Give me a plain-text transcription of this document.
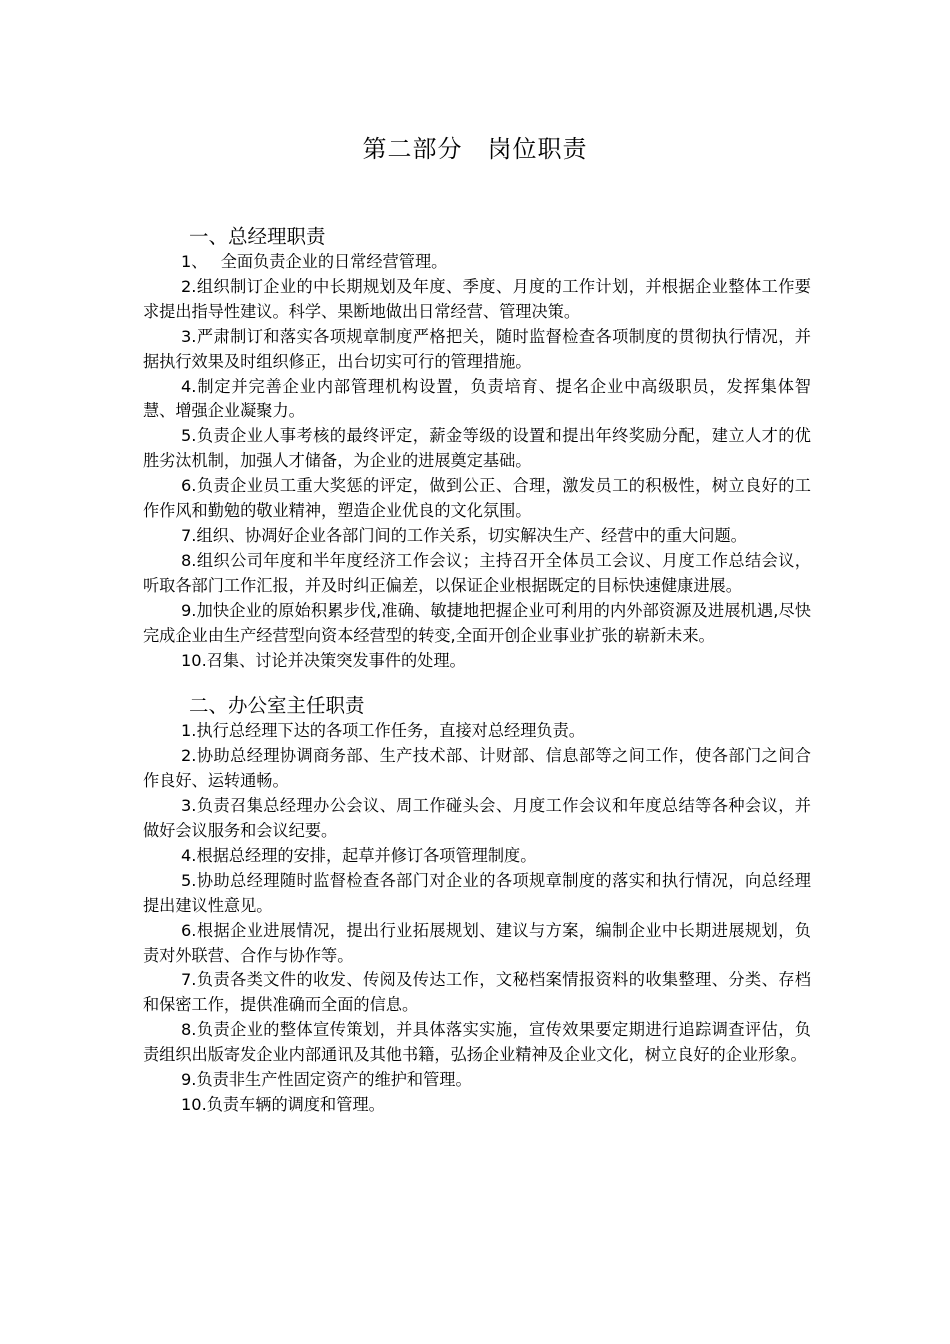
第二部分　岗位职责
一、总经理职责

1、　 全面负责企业的日常经营管理。

2.组织制订企业的中长期规划及年度、季度、月度的工作计划，并根据企业整体工作要求提出指导性建议。科学、果断地做出日常经营、管理决策。

3.严肃制订和落实各项规章制度严格把关，随时监督检查各项制度的贯彻执行情况，并据执行效果及时组织修正，出台切实可行的管理措施。

4.制定并完善企业内部管理机构设置，负责培育、提名企业中高级职员，发挥集体智慧、增强企业凝聚力。

5.负责企业人事考核的最终评定，薪金等级的设置和提出年终奖励分配，建立人才的优胜劣汰机制，加强人才储备，为企业的进展奠定基础。

6.负责企业员工重大奖惩的评定，做到公正、合理，激发员工的积极性，树立良好的工作作风和勤勉的敬业精神，塑造企业优良的文化氛围。

7.组织、协凋好企业各部门间的工作关系，切实解决生产、经营中的重大问题。

8.组织公司年度和半年度经济工作会议；主持召开全体员工会议、月度工作总结会议，听取各部门工作汇报，并及时纠正偏差，以保证企业根据既定的目标快速健康进展。

9.加快企业的原始积累步伐,准确、敏捷地把握企业可利用的内外部资源及进展机遇,尽快完成企业由生产经营型向资本经营型的转变,全面开创企业事业扩张的崭新未来。

10.召集、讨论并决策突发事件的处理。

二、办公室主任职责

1.执行总经理下达的各项工作任务，直接对总经理负责。

2.协助总经理协调商务部、生产技术部、计财部、信息部等之间工作，使各部门之间合作良好、运转通畅。

3.负责召集总经理办公会议、周工作碰头会、月度工作会议和年度总结等各种会议，并做好会议服务和会议纪要。

4.根据总经理的安排，起草并修订各项管理制度。

5.协助总经理随时监督检查各部门对企业的各项规章制度的落实和执行情况，向总经理提出建议性意见。

6.根据企业进展情况，提出行业拓展规划、建议与方案，编制企业中长期进展规划，负责对外联营、合作与协作等。

7.负责各类文件的收发、传阅及传达工作，文秘档案情报资料的收集整理、分类、存档和保密工作，提供准确而全面的信息。

8.负责企业的整体宣传策划，并具体落实实施，宣传效果要定期进行追踪调查评估，负责组织出版寄发企业内部通讯及其他书籍，弘扬企业精神及企业文化，树立良好的企业形象。

9.负责非生产性固定资产的维护和管理。

10.负责车辆的调度和管理。
